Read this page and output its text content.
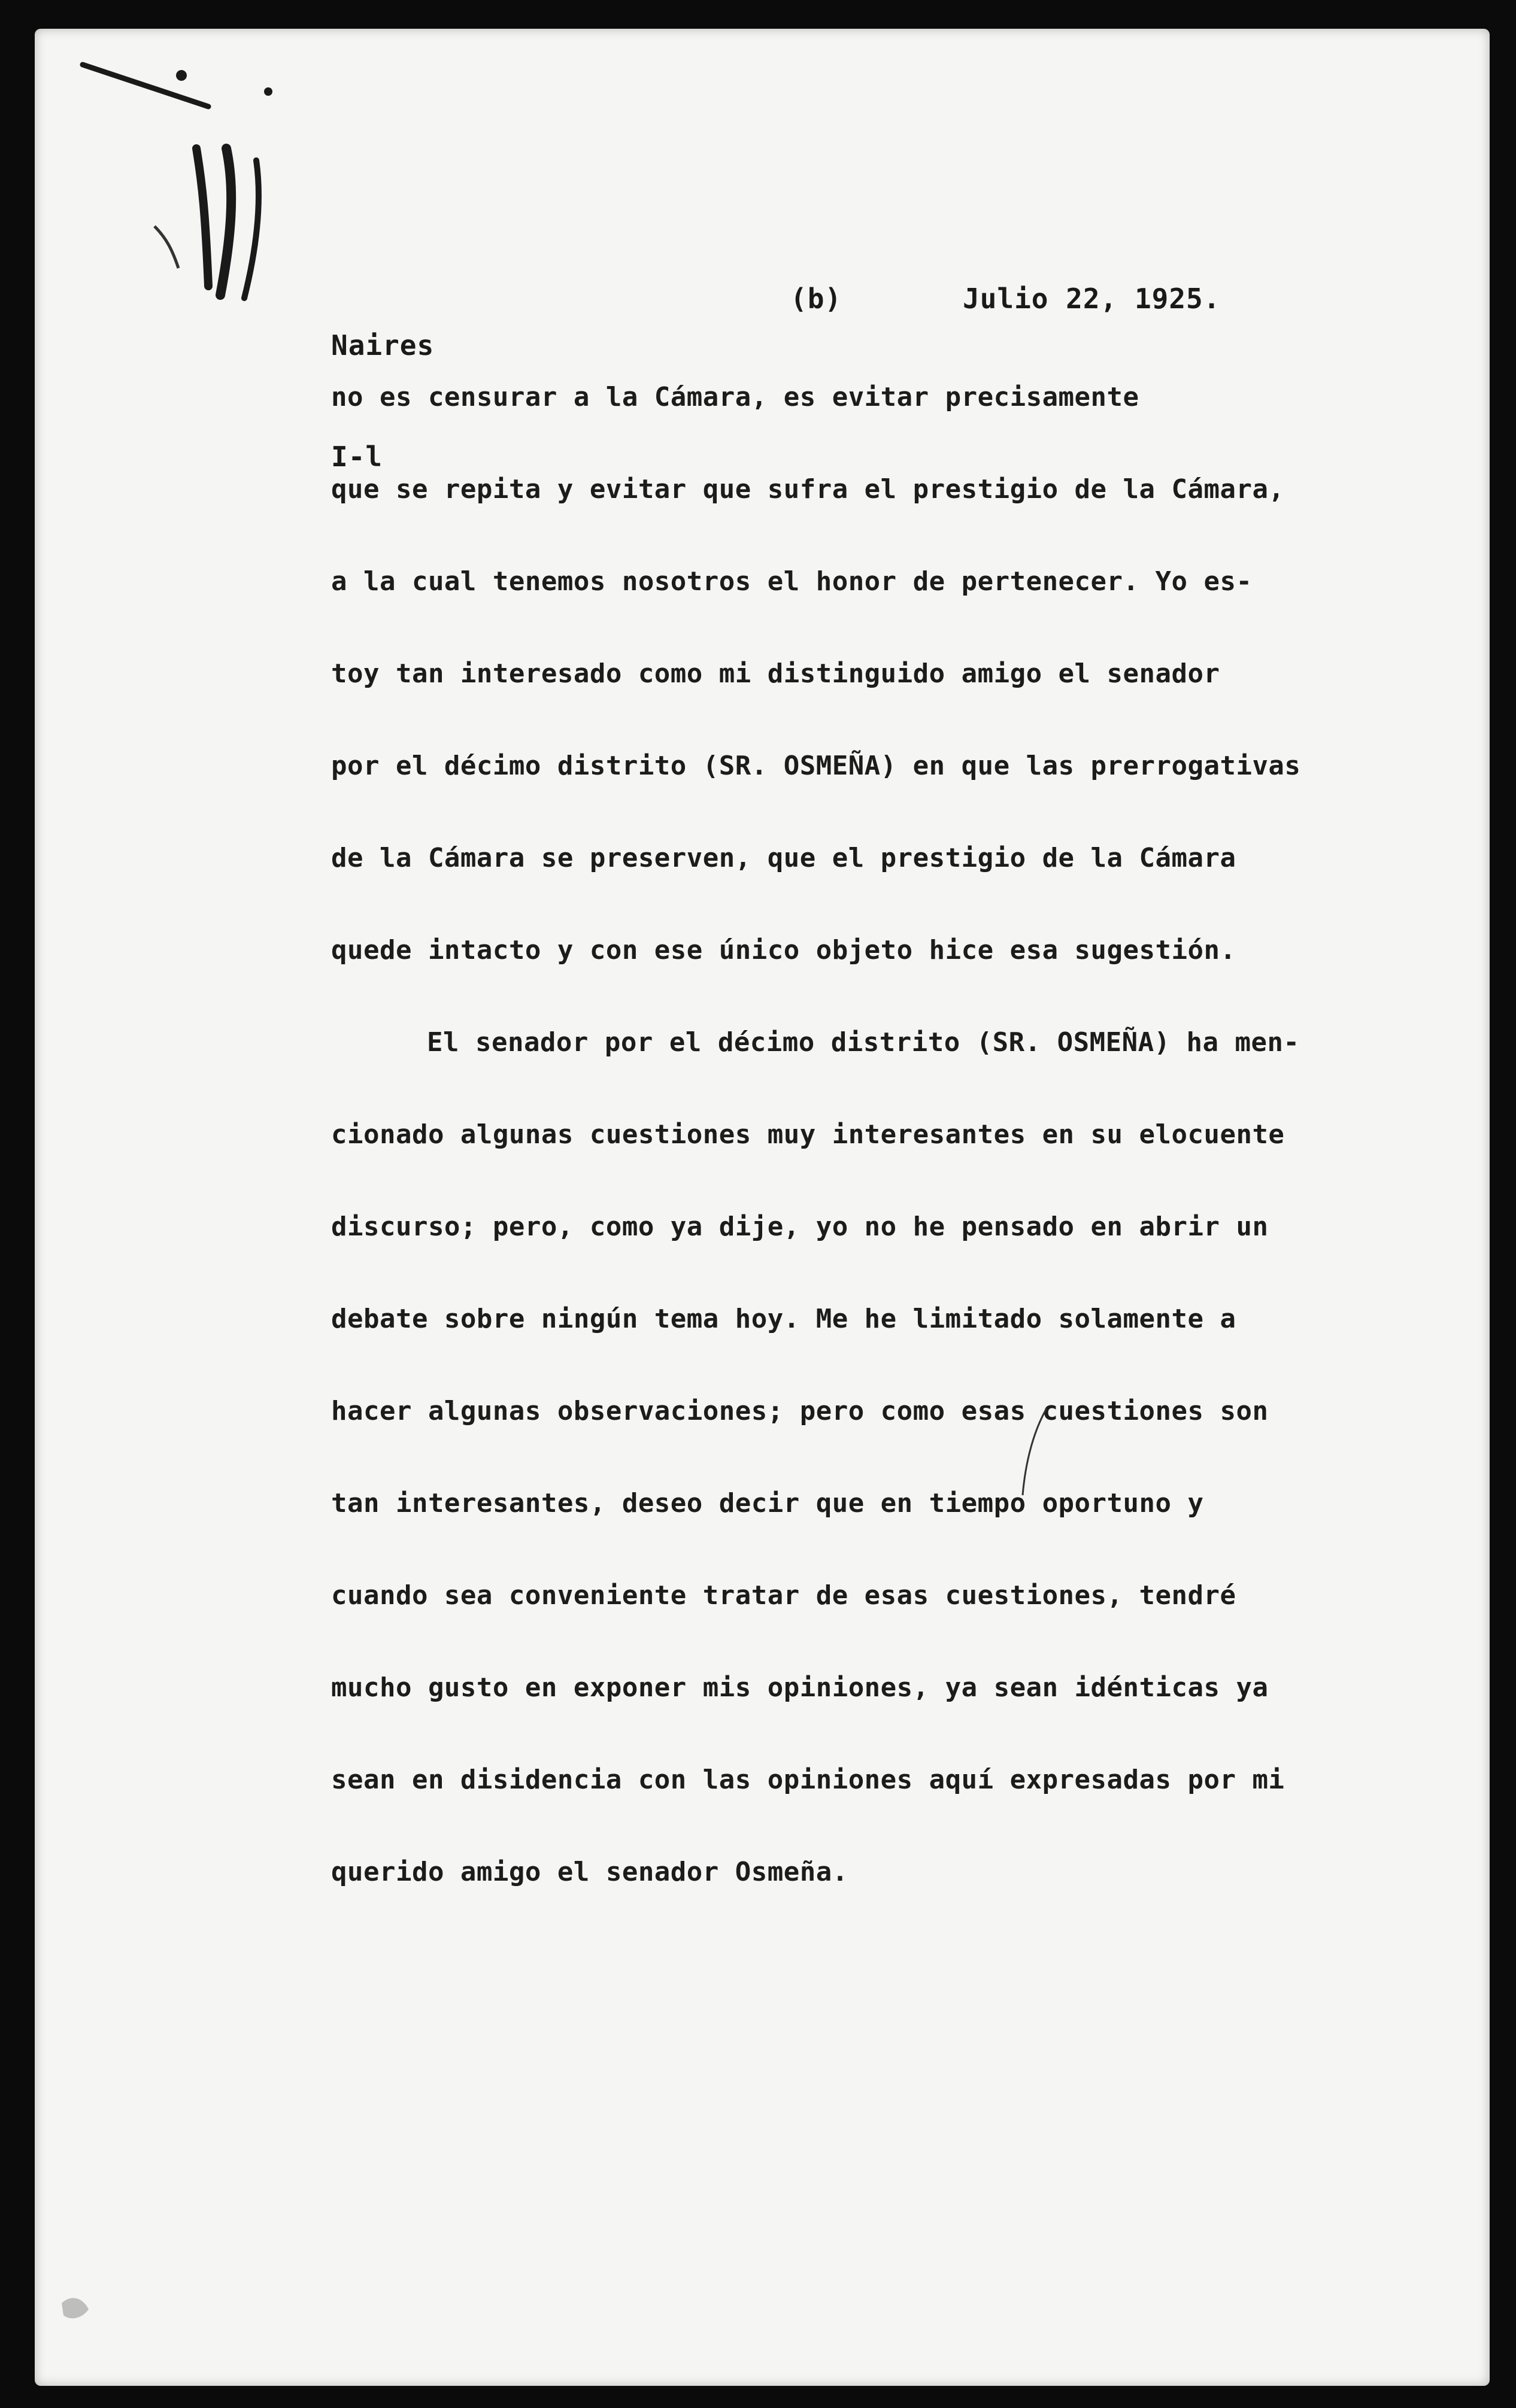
Naires

I-l

(b)	Julio 22, 1925.
no es censurar a la Cámara, es evitar precisamente
que se repita y evitar que sufra el prestigio de la Cámara,
a la cual tenemos nosotros el honor de pertenecer. Yo es-
toy tan interesado como mi distinguido amigo el senador
por el décimo distrito (SR. OSMEÑA) en que las prerrogativas
de la Cámara se preserven, que el prestigio de la Cámara
quede intacto y con ese único objeto hice esa sugestión.
El senador por el décimo distrito (SR. OSMEÑA) ha men-
cionado algunas cuestiones muy interesantes en su elocuente
discurso; pero, como ya dije, yo no he pensado en abrir un
debate sobre ningún tema hoy. Me he limitado solamente a
hacer algunas observaciones; pero como esas cuestiones son
tan interesantes, deseo decir que en tiempo oportuno y
cuando sea conveniente tratar de esas cuestiones, tendré
mucho gusto en exponer mis opiniones, ya sean idénticas ya
sean en disidencia con las opiniones aquí expresadas por mi
querido amigo el senador Osmeña.
